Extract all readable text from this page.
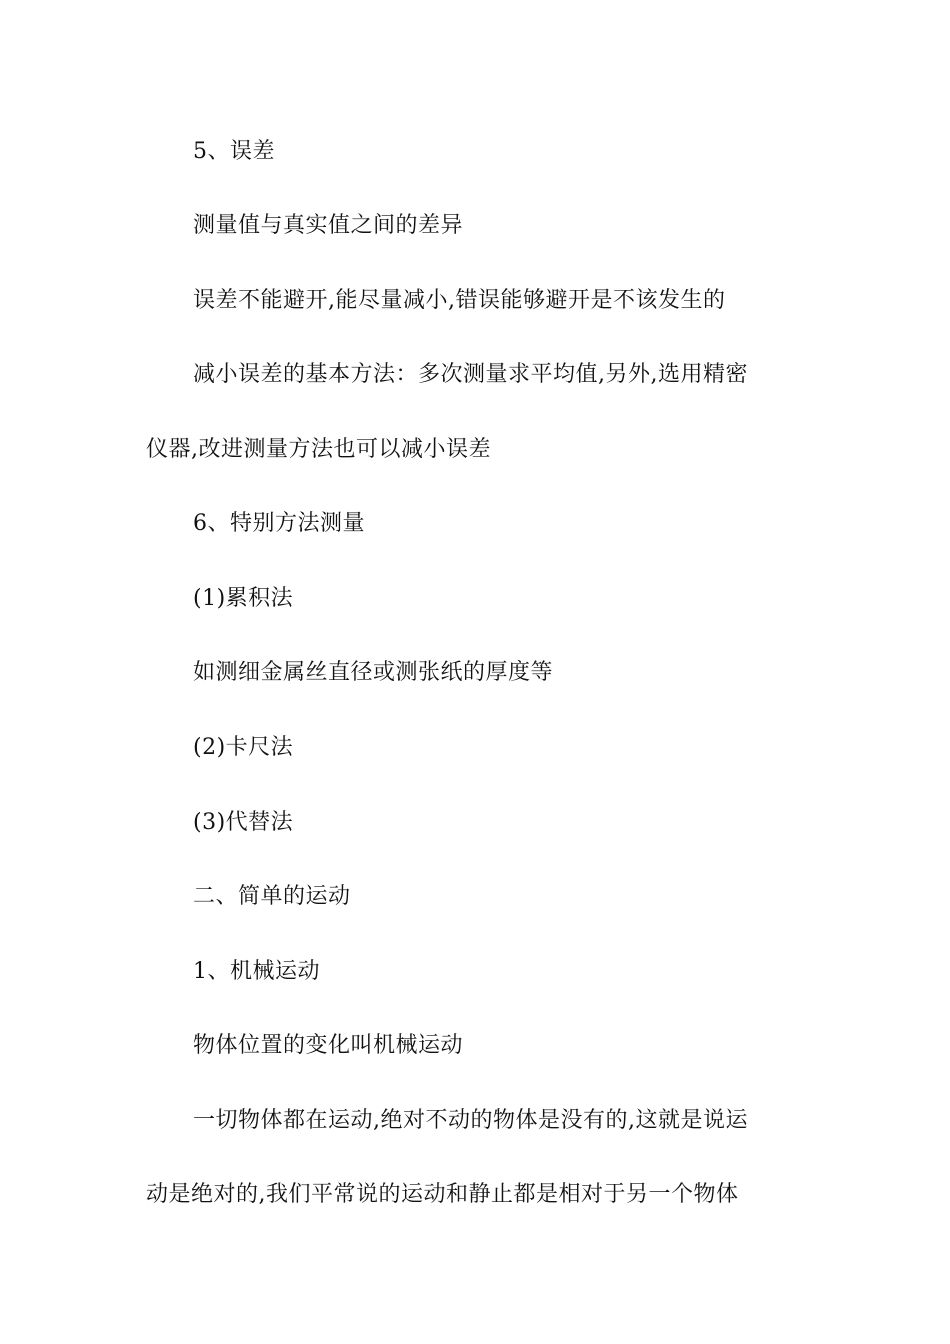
5、误差
测量值与真实值之间的差异
误差不能避开,能尽量减小,错误能够避开是不该发生的
减小误差的基本方法：多次测量求平均值,另外,选用精密
仪器,改进测量方法也可以减小误差
6、特别方法测量
(1)累积法
如测细金属丝直径或测张纸的厚度等
(2)卡尺法
(3)代替法
二、简单的运动
1、机械运动
物体位置的变化叫机械运动
一切物体都在运动,绝对不动的物体是没有的,这就是说运
动是绝对的,我们平常说的运动和静止都是相对于另一个物体
